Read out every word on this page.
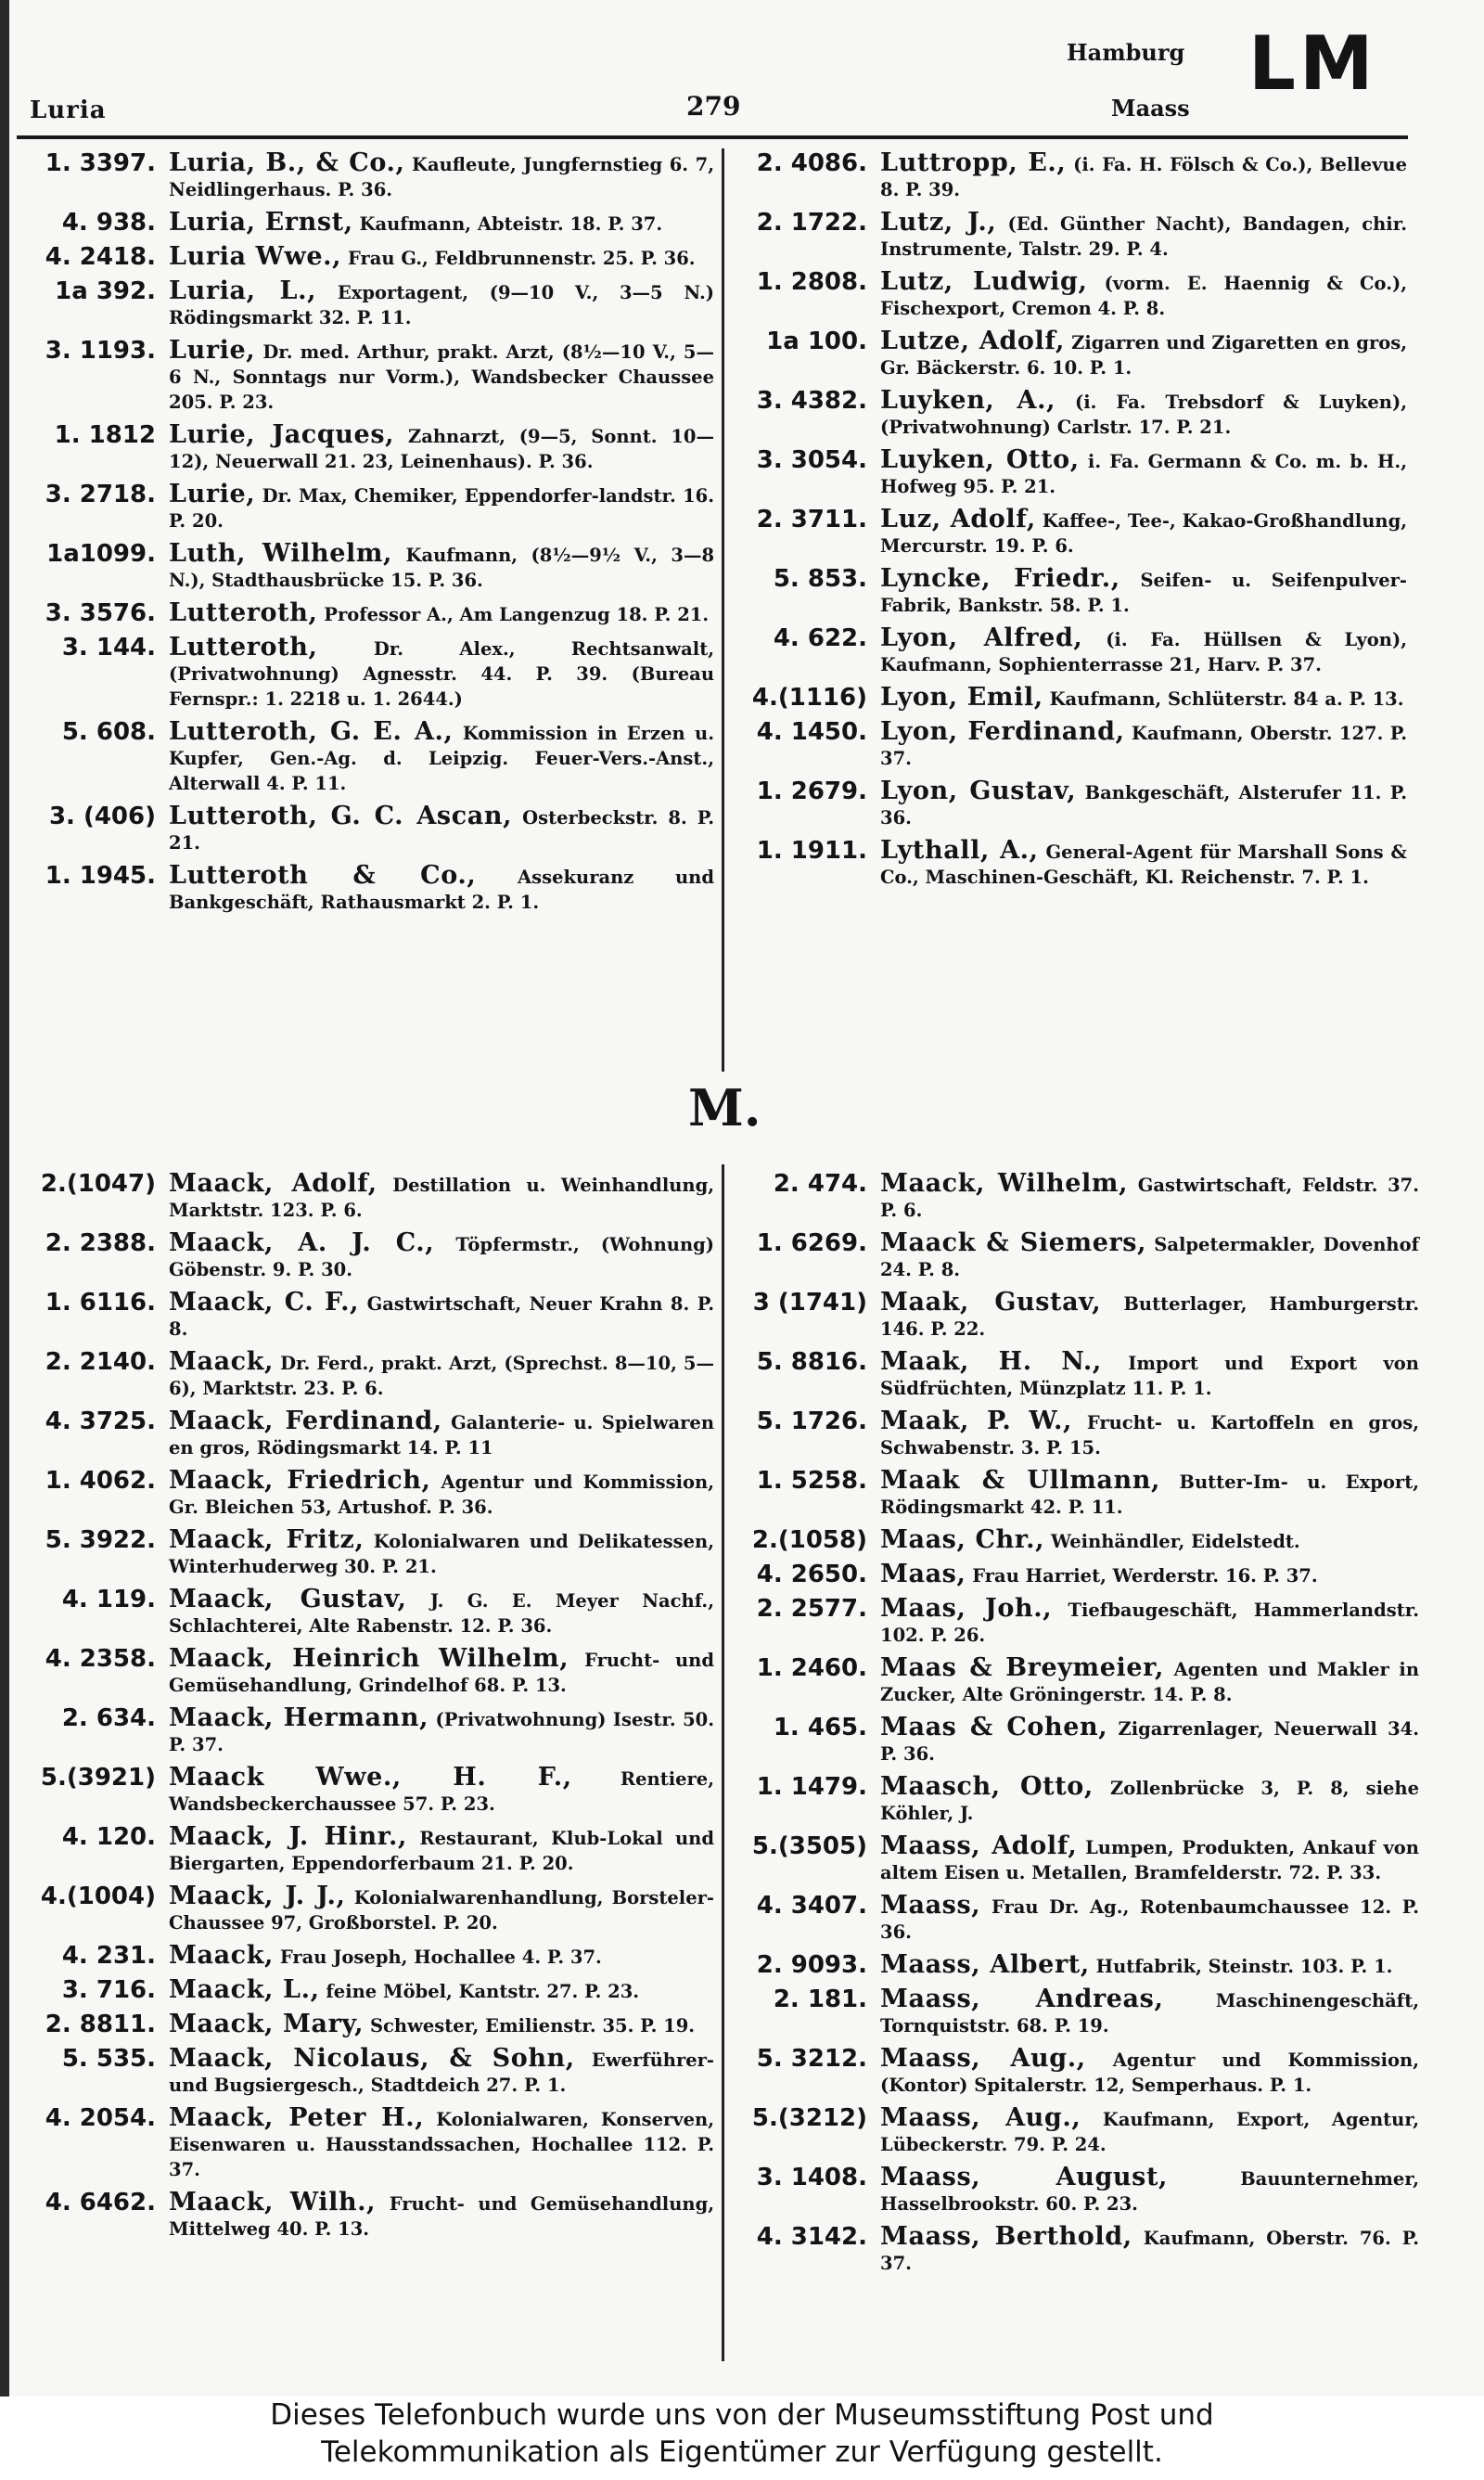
Luria	279
Hamburg
Maass
LM
1. 3397. Luria, B., & Co., Kaufleute, Jungfernstieg 6. 7, Neidlingerhaus. P. 36.
4. 938. Luria, Ernst, Kaufmann, Abteistr. 18. P. 37.
4. 2418. Luria Wwe., Frau G., Feldbrunnenstr. 25. P. 36.
1a 392. Luria, L., Exportagent, (9—10 V., 3—5 N.) Rödingsmarkt 32. P. 11.
3. 1193. Lurie, Dr. med. Arthur, prakt. Arzt, (8½—10 V., 5—6 N., Sonntags nur Vorm.), Wandsbecker Chaussee 205. P. 23.
1. 1812 Lurie, Jacques, Zahnarzt, (9—5, Sonnt. 10—12), Neuerwall 21. 23, Leinenhaus). P. 36.
3. 2718. Lurie, Dr. Max, Chemiker, Eppendorfer-landstr. 16. P. 20.
1a1099. Luth, Wilhelm, Kaufmann, (8½—9½ V., 3—8 N.), Stadthausbrücke 15. P. 36.
3. 3576. Lutteroth, Professor A., Am Langenzug 18. P. 21.
3. 144. Lutteroth,	Dr. Alex., Rechtsanwalt, (Privatwohnung) Agnesstr. 44. P. 39. (Bureau Fernspr.: 1. 2218 u. 1. 2644.)
5. 608. Lutteroth, G. E. A., Kommission in Erzen u. Kupfer, Gen.-Ag. d. Leipzig. Feuer-Vers.-Anst., Alterwall 4. P. 11.
3. (406) Lutteroth, G. C. Ascan, Osterbeckstr. 8. P. 21.
1. 1945. Lutteroth & Co., Assekuranz und Bankgeschäft, Rathausmarkt 2. P. 1.
2. 4086. Luttropp, E., (i. Fa. H. Fölsch & Co.), Bellevue 8. P. 39.
2. 1722. Lutz, J., (Ed. Günther Nacht), Bandagen, chir. Instrumente, Talstr. 29. P. 4.
1. 2808. Lutz, Ludwig, (vorm. E. Haennig & Co.), Fischexport, Cremon 4. P. 8.
1a 100. Lutze, Adolf, Zigarren und Zigaretten en gros, Gr. Bäckerstr. 6. 10. P. 1.
3. 4382. Luyken, A., (i. Fa. Trebsdorf & Luyken), (Privatwohnung) Carlstr. 17. P. 21.
3. 3054. Luyken, Otto, i. Fa. Germann & Co. m. b. H., Hofweg 95. P. 21.
2. 3711. Luz, Adolf, Kaffee-, Tee-, Kakao-Großhandlung, Mercurstr. 19. P. 6.
5. 853. Lyncke, Friedr., Seifen- u. Seifenpulver-Fabrik, Bankstr. 58. P. 1.
4. 622. Lyon, Alfred, (i. Fa. Hüllsen & Lyon), Kaufmann, Sophienterrasse 21, Harv. P. 37.
4.(1116) Lyon, Emil, Kaufmann, Schlüterstr. 84 a. P. 13.
4. 1450. Lyon, Ferdinand, Kaufmann, Oberstr. 127. P. 37.
1. 2679. Lyon, Gustav, Bankgeschäft, Alsterufer 11. P. 36.
1. 1911. Lythall, A., General-Agent für Marshall Sons & Co., Maschinen-Geschäft, Kl. Reichenstr. 7. P. 1.
M.
2.(1047) Maack, Adolf, Destillation u. Weinhandlung, Marktstr. 123. P. 6.
2. 2388. Maack, A. J. C., Töpfermstr., (Wohnung) Göbenstr. 9. P. 30.
1. 6116. Maack, C. F., Gastwirtschaft, Neuer Krahn 8. P. 8.
2. 2140. Maack, Dr. Ferd., prakt. Arzt, (Sprechst. 8—10, 5—6), Marktstr. 23. P. 6.
4. 3725. Maack, Ferdinand, Galanterie- u. Spielwaren en gros, Rödingsmarkt 14. P. 11
1. 4062. Maack, Friedrich, Agentur und Kommission, Gr. Bleichen 53, Artushof. P. 36.
5. 3922. Maack, Fritz, Kolonialwaren und Delikatessen, Winterhuderweg 30. P. 21.
4. 119. Maack, Gustav, J. G. E. Meyer Nachf., Schlachterei, Alte Rabenstr. 12. P. 36.
4. 2358. Maack, Heinrich Wilhelm, Frucht- und Gemüsehandlung, Grindelhof 68. P. 13.
2. 634. Maack, Hermann, (Privatwohnung) Isestr. 50. P. 37.
5.(3921) Maack Wwe., H. F.,	Rentiere, Wandsbeckerchaussee 57. P. 23.
4. 120. Maack, J. Hinr., Restaurant, Klub-Lokal und Biergarten, Eppendorferbaum 21. P. 20.
4.(1004) Maack, J. J., Kolonialwarenhandlung, Borsteler-Chaussee 97, Großborstel. P. 20.
4. 231. Maack, Frau Joseph, Hochallee 4. P. 37.
3. 716. Maack, L., feine Möbel, Kantstr. 27. P. 23.
2. 8811. Maack, Mary, Schwester, Emilienstr. 35. P. 19.
5. 535. Maack, Nicolaus, & Sohn, Ewerführer- und Bugsiergesch., Stadtdeich 27. P. 1.
4. 2054. Maack, Peter H., Kolonialwaren, Konserven, Eisenwaren u. Hausstandssachen, Hochallee 112. P. 37.
4. 6462. Maack, Wilh., Frucht- und Gemüsehandlung, Mittelweg 40. P. 13.
2. 474. Maack, Wilhelm, Gastwirtschaft, Feldstr. 37. P. 6.
1. 6269. Maack & Siemers, Salpetermakler, Dovenhof 24. P. 8.
3 (1741) Maak, Gustav, Butterlager, Hamburgerstr. 146. P. 22.
5. 8816. Maak, H. N., Import und Export von Südfrüchten, Münzplatz 11. P. 1.
5. 1726. Maak, P. W., Frucht- u. Kartoffeln en gros, Schwabenstr. 3. P. 15.
1. 5258. Maak & Ullmann, Butter-Im- u. Export, Rödingsmarkt 42. P. 11.
2.(1058) Maas, Chr., Weinhändler, Eidelstedt.
4. 2650. Maas, Frau Harriet, Werderstr. 16. P. 37.
2. 2577. Maas, Joh., Tiefbaugeschäft, Hammerlandstr. 102. P. 26.
1. 2460. Maas & Breymeier, Agenten und Makler in Zucker, Alte Gröningerstr. 14. P. 8.
1. 465. Maas & Cohen, Zigarrenlager, Neuerwall 34. P. 36.
1. 1479. Maasch, Otto, Zollenbrücke 3, P. 8, siehe Köhler, J.
5.(3505) Maass, Adolf, Lumpen, Produkten, Ankauf von altem Eisen u. Metallen, Bramfelderstr. 72. P. 33.
4. 3407. Maass, Frau Dr. Ag., Rotenbaumchaussee 12. P. 36.
2. 9093. Maass, Albert, Hutfabrik, Steinstr. 103. P. 1.
2. 181. Maass, Andreas,	Maschinengeschäft, Tornquiststr. 68. P. 19.
5. 3212. Maass, Aug., Agentur und Kommission, (Kontor) Spitalerstr. 12, Semperhaus. P. 1.
5.(3212) Maass, Aug., Kaufmann, Export, Agentur, Lübeckerstr. 79. P. 24.
3. 1408. Maass, August,	Bauunternehmer, Hasselbrookstr. 60. P. 23.
4. 3142. Maass, Berthold, Kaufmann, Oberstr. 76. P. 37.
Dieses Telefonbuch wurde uns von der Museumsstiftung Post und
Telekommunikation als Eigentümer zur Verfügung gestellt.
